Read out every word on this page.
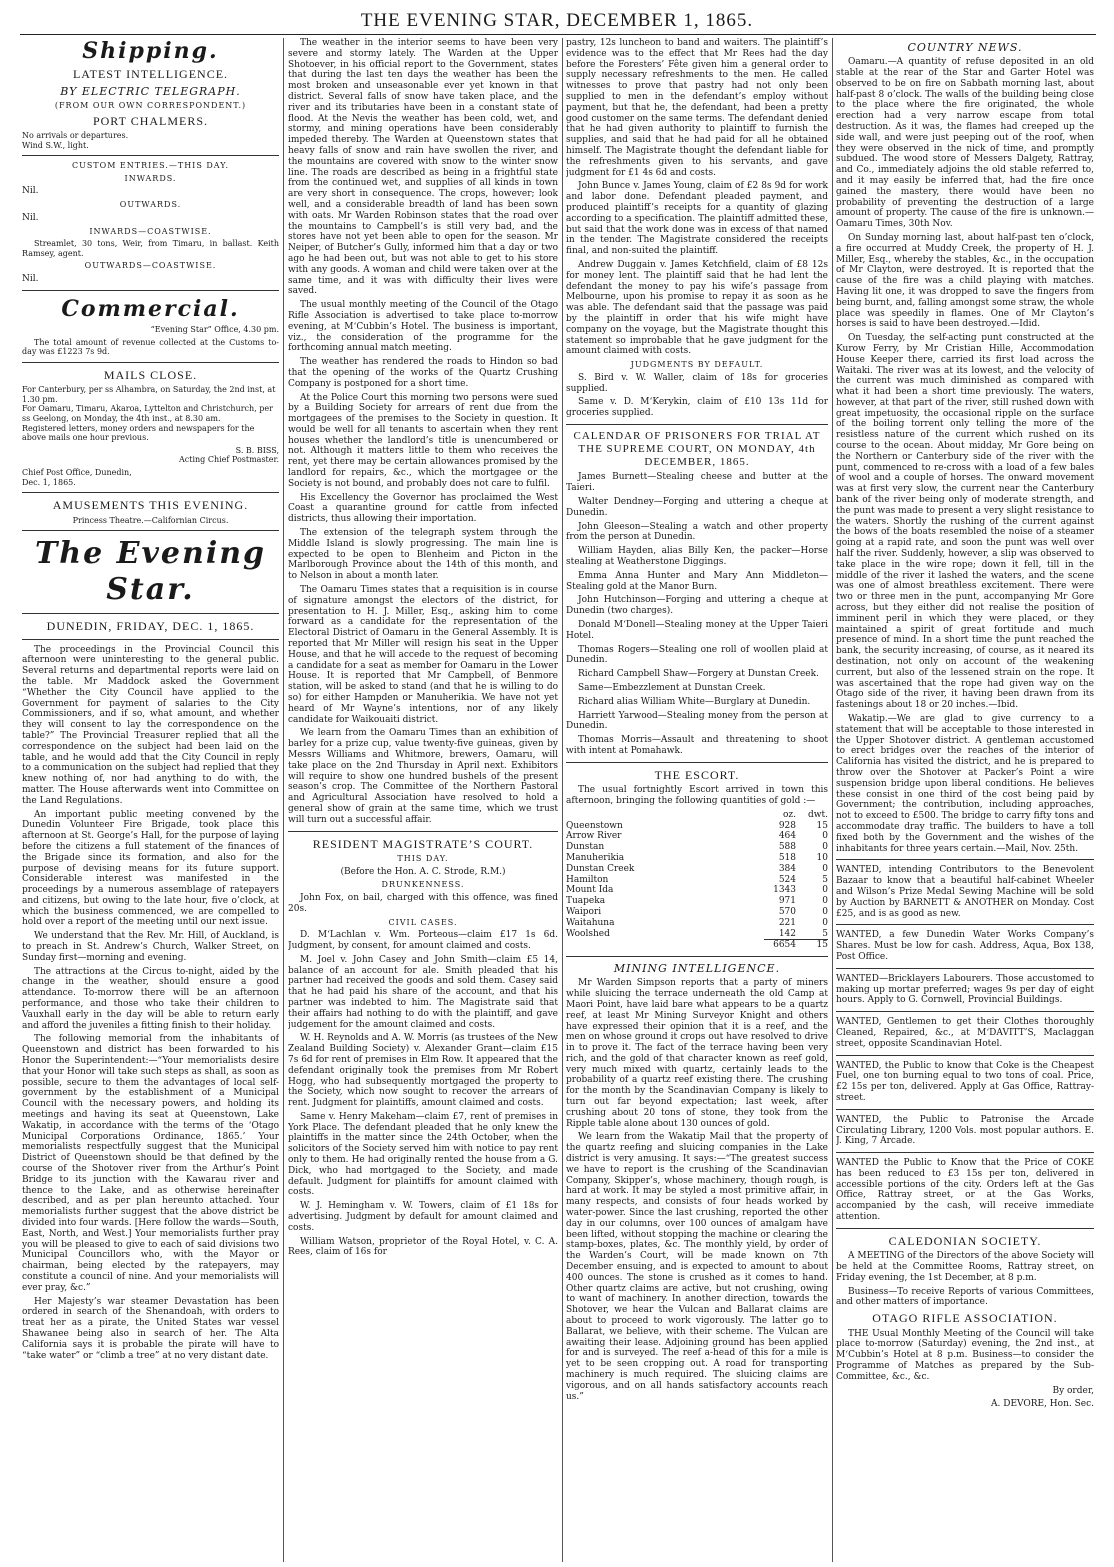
THE EVENING STAR, DECEMBER 1, 1865.

Shipping.

LATEST INTELLIGENCE.

BY ELECTRIC TELEGRAPH.

(FROM OUR OWN CORRESPONDENT.)

PORT CHALMERS.

No arrivals or departures.
Wind S.W., light.

CUSTOM ENTRIES.—THIS DAY.

INWARDS.

Nil.

OUTWARDS.

Nil.

INWARDS—COASTWISE.

Streamlet, 30 tons, Weir, from Timaru, in ballast. Keith Ramsey, agent.

OUTWARDS—COASTWISE.

Nil.

Commercial.

“Evening Star” Office, 4.30 pm.

The total amount of revenue collected at the Customs to-day was £1223 7s 9d.

MAILS CLOSE.

For Canterbury, per ss Alhambra, on Saturday, the 2nd inst, at 1.30 pm.
For Oamaru, Timaru, Akaroa, Lyttelton and Christchurch, per ss Geelong, on Monday, the 4th inst., at 8.30 am.
Registered letters, money orders and newspapers for the above mails one hour previous.

S. B. BISS,
Acting Chief Postmaster.

Chief Post Office, Dunedin,
Dec. 1, 1865.

AMUSEMENTS THIS EVENING.

Princess Theatre.—Californian Circus.

The Evening Star.

DUNEDIN, FRIDAY, DEC. 1, 1865.

The proceedings in the Provincial Council this afternoon were uninteresting to the general public. Several returns and departmental reports were laid on the table. Mr Maddock asked the Government “Whether the City Council have applied to the Government for payment of salaries to the City Commissioners, and if so, what amount, and whether they will consent to lay the correspondence on the table?” The Provincial Treasurer replied that all the correspondence on the subject had been laid on the table, and he would add that the City Council in reply to a communication on the subject had replied that they knew nothing of, nor had anything to do with, the matter. The House afterwards went into Committee on the Land Regulations.

An important public meeting convened by the Dunedin Volunteer Fire Brigade, took place this afternoon at St. George’s Hall, for the purpose of laying before the citizens a full statement of the finances of the Brigade since its formation, and also for the purpose of devising means for its future support. Considerable interest was manifested in the proceedings by a numerous assemblage of ratepayers and citizens, but owing to the late hour, five o’clock, at which the business commenced, we are compelled to hold over a report of the meeting until our next issue.

We understand that the Rev. Mr. Hill, of Auckland, is to preach in St. Andrew’s Church, Walker Street, on Sunday first—morning and evening.

The attractions at the Circus to-night, aided by the change in the weather, should ensure a good attendance. To-morrow there will be an afternoon performance, and those who take their children to Vauxhall early in the day will be able to return early and afford the juveniles a fitting finish to their holiday.

The following memorial from the inhabitants of Queenstown and district has been forwarded to his Honor the Superintendent:—“Your memorialists desire that your Honor will take such steps as shall, as soon as possible, secure to them the advantages of local self-government by the establishment of a Municipal Council with the necessary powers, and holding its meetings and having its seat at Queenstown, Lake Wakatip, in accordance with the terms of the ‘Otago Municipal Corporations Ordinance, 1865.’ Your memorialists respectfully suggest that the Municipal District of Queenstown should be that defined by the course of the Shotover river from the Arthur’s Point Bridge to its junction with the Kawarau river and thence to the Lake, and as otherwise hereinafter described, and as per plan hereunto attached. Your memorialists further suggest that the above district be divided into four wards. [Here follow the wards—South, East, North, and West.] Your memorialists further pray you will be pleased to give to each of said divisions two Municipal Councillors who, with the Mayor or chairman, being elected by the ratepayers, may constitute a council of nine. And your memorialists will ever pray, &c.”

Her Majesty’s war steamer Devastation has been ordered in search of the Shenandoah, with orders to treat her as a pirate, the United States war vessel Shawanee being also in search of her. The Alta California says it is probable the pirate will have to “take water” or “climb a tree” at no very distant date.

The weather in the interior seems to have been very severe and stormy lately. The Warden at the Upper Shotoever, in his official report to the Government, states that during the last ten days the weather has been the most broken and unseasonable ever yet known in that district. Several falls of snow have taken place, and the river and its tributaries have been in a constant state of flood. At the Nevis the weather has been cold, wet, and stormy, and mining operations have been considerably impeded thereby. The Warden at Queenstown states that heavy falls of snow and rain have swollen the river, and the mountains are covered with snow to the winter snow line. The roads are described as being in a frightful state from the continued wet, and supplies of all kinds in town are very short in consequence. The crops, however; look well, and a considerable breadth of land has been sown with oats. Mr Warden Robinson states that the road over the mountains to Campbell’s is still very bad, and the stores have not yet been able to open for the season. Mr Neiper, of Butcher’s Gully, informed him that a day or two ago he had been out, but was not able to get to his store with any goods. A woman and child were taken over at the same time, and it was with difficulty their lives were saved.

The usual monthly meeting of the Council of the Otago Rifle Association is advertised to take place to-morrow evening, at M‘Cubbin’s Hotel. The business is important, viz., the consideration of the programme for the forthcoming annual match meeting.

The weather has rendered the roads to Hindon so bad that the opening of the works of the Quartz Crushing Company is postponed for a short time.

At the Police Court this morning two persons were sued by a Building Society for arrears of rent due from the mortgagees of the premises to the Society in question. It would be well for all tenants to ascertain when they rent houses whether the landlord’s title is unencumbered or not. Although it matters little to them who receives the rent, yet there may be certain allowances promised by the landlord for repairs, &c., which the mortgagee or the Society is not bound, and probably does not care to fulfil.

His Excellency the Governor has proclaimed the West Coast a quarantine ground for cattle from infected districts, thus allowing their importation.

The extension of the telegraph system through the Middle Island is slowly progressing. The main line is expected to be open to Blenheim and Picton in the Marlborough Province about the 14th of this month, and to Nelson in about a month later.

The Oamaru Times states that a requisition is in course of signature amongst the electors of the district, for presentation to H. J. Miller, Esq., asking him to come forward as a candidate for the representation of the Electoral District of Oamaru in the General Assembly. It is reported that Mr Miller will resign his seat in the Upper House, and that he will accede to the request of becoming a candidate for a seat as member for Oamaru in the Lower House. It is reported that Mr Campbell, of Benmore station, will be asked to stand (and that he is willing to do so) for either Hampden or Manuherikia. We have not yet heard of Mr Wayne’s intentions, nor of any likely candidate for Waikouaiti district.

We learn from the Oamaru Times than an exhibition of barley for a prize cup, value twenty-five guineas, given by Messrs Williams and Whitmore, brewers, Oamaru, will take place on the 2nd Thursday in April next. Exhibitors will require to show one hundred bushels of the present season’s crop. The Committee of the Northern Pastoral and Agricultural Association have resolved to hold a general show of grain at the same time, which we trust will turn out a successful affair.

RESIDENT MAGISTRATE’S COURT.

THIS DAY.

(Before the Hon. A. C. Strode, R.M.)

DRUNKENNESS.

John Fox, on bail, charged with this offence, was fined 20s.

CIVIL CASES.

D. M‘Lachlan v. Wm. Porteous—claim £17 1s 6d. Judgment, by consent, for amount claimed and costs.

M. Joel v. John Casey and John Smith—claim £5 14, balance of an account for ale. Smith pleaded that his partner had received the goods and sold them. Casey said that he had paid his share of the account, and that his partner was indebted to him. The Magistrate said that their affairs had nothing to do with the plaintiff, and gave judgement for the amount claimed and costs.

W. H. Reynolds and A. W. Morris (as trustees of the New Zealand Building Society) v. Alexander Grant—claim £15 7s 6d for rent of premises in Elm Row. It appeared that the defendant originally took the premises from Mr Robert Hogg, who had subsequently mortgaged the property to the Society, which now sought to recover the arrears of rent. Judgment for plaintiffs, amount claimed and costs.

Same v. Henry Makeham—claim £7, rent of premises in York Place. The defendant pleaded that he only knew the plaintiffs in the matter since the 24th October, when the solicitors of the Society served him with notice to pay rent only to them. He had originally rented the house from a G. Dick, who had mortgaged to the Society, and made default. Judgment for plaintiffs for amount claimed with costs.

W. J. Hemingham v. W. Towers, claim of £1 18s for advertising. Judgment by default for amount claimed and costs.

William Watson, proprietor of the Royal Hotel, v. C. A. Rees, claim of 16s for

pastry, 12s luncheon to band and waiters. The plaintiff’s evidence was to the effect that Mr Rees had the day before the Foresters’ Fête given him a general order to supply necessary refreshments to the men. He called witnesses to prove that pastry had not only been supplied to men in the defendant’s employ without payment, but that he, the defendant, had been a pretty good customer on the same terms. The defendant denied that he had given authority to plaintiff to furnish the supplies, and said that he had paid for all he obtained himself. The Magistrate thought the defendant liable for the refreshments given to his servants, and gave judgment for £1 4s 6d and costs.

John Bunce v. James Young, claim of £2 8s 9d for work and labor done. Defendant pleaded payment, and produced plaintiff’s receipts for a quantity of glazing according to a specification. The plaintiff admitted these, but said that the work done was in excess of that named in the tender. The Magistrate considered the receipts final, and non-suited the plaintiff.

Andrew Duggain v. James Ketchfield, claim of £8 12s for money lent. The plaintiff said that he had lent the defendant the money to pay his wife’s passage from Melbourne, upon his promise to repay it as soon as he was able. The defendant said that the passage was paid by the plaintiff in order that his wife might have company on the voyage, but the Magistrate thought this statement so improbable that he gave judgment for the amount claimed with costs.

JUDGMENTS BY DEFAULT.

S. Bird v. W. Waller, claim of 18s for groceries supplied.

Same v. D. M‘Kerykin, claim of £10 13s 11d for groceries supplied.

CALENDAR OF PRISONERS FOR TRIAL AT THE SUPREME COURT, ON MONDAY, 4th DECEMBER, 1865.

James Burnett—Stealing cheese and butter at the Taieri.

Walter Dendney—Forging and uttering a cheque at Dunedin.

John Gleeson—Stealing a watch and other property from the person at Dunedin.

William Hayden, alias Billy Ken, the packer—Horse stealing at Weatherstone Diggings.

Emma Anna Hunter and Mary Ann Middleton—Stealing gold at the Manor Burn.

John Hutchinson—Forging and uttering a cheque at Dunedin (two charges).

Donald M‘Donell—Stealing money at the Upper Taieri Hotel.

Thomas Rogers—Stealing one roll of woollen plaid at Dunedin.

Richard Campbell Shaw—Forgery at Dunstan Creek.

Same—Embezzlement at Dunstan Creek.

Richard alias William White—Burglary at Dunedin.

Harriett Yarwood—Stealing money from the person at Dunedin.

Thomas Morris—Assault and threatening to shoot with intent at Pomahawk.

THE ESCORT.

The usual fortnightly Escort arrived in town this afternoon, bringing the following quantities of gold :—

	oz.	dwt.
Queenstown	928	15
Arrow River	464	0
Dunstan	588	0
Manuherikia	518	10
Dunstan Creek	384	0
Hamilton	524	5
Mount Ida	1343	0
Tuapeka	971	0
Waipori	570	0
Waitahuna	221	0
Woolshed	142	5
	6654	15

MINING INTELLIGENCE.

Mr Warden Simpson reports that a party of miners while sluicing the terrace underneath the old Camp at Maori Point, have laid bare what appears to be a quartz reef, at least Mr Mining Surveyor Knight and others have expressed their opinion that it is a reef, and the men on whose ground it crops out have resolved to drive in to prove it. The fact of the terrace having been very rich, and the gold of that character known as reef gold, very much mixed with quartz, certainly leads to the probability of a quartz reef existing there. The crushing for the month by the Scandinavian Company is likely to turn out far beyond expectation; last week, after crushing about 20 tons of stone, they took from the Ripple table alone about 130 ounces of gold.

We learn from the Wakatip Mail that the property of the quartz reefing and sluicing companies in the Lake district is very amusing. It says:—“The greatest success we have to report is the crushing of the Scandinavian Company, Skipper’s, whose machinery, though rough, is hard at work. It may be styled a most primitive affair, in many respects, and consists of four heads worked by water-power. Since the last crushing, reported the other day in our columns, over 100 ounces of amalgam have been lifted, without stopping the machine or clearing the stamp-boxes, plates, &c. The monthly yield, by order of the Warden’s Court, will be made known on 7th December ensuing, and is expected to amount to about 400 ounces. The stone is crushed as it comes to hand. Other quartz claims are active, but not crushing, owing to want of machinery. In another direction, towards the Shotover, we hear the Vulcan and Ballarat claims are about to proceed to work vigorously. The latter go to Ballarat, we believe, with their scheme. The Vulcan are awaiting their lease. Adjoining ground has been applied for and is surveyed. The reef a-head of this for a mile is yet to be seen cropping out. A road for transporting machinery is much required. The sluicing claims are vigorous, and on all hands satisfactory accounts reach us.”

COUNTRY NEWS.

Oamaru.—A quantity of refuse deposited in an old stable at the rear of the Star and Garter Hotel was observed to be on fire on Sabbath morning last, about half-past 8 o’clock. The walls of the building being close to the place where the fire originated, the whole erection had a very narrow escape from total destruction. As it was, the flames had creeped up the side wall, and were just peeping out of the roof, when they were observed in the nick of time, and promptly subdued. The wood store of Messers Dalgety, Rattray, and Co., immediately adjoins the old stable referred to, and it may easily be inferred that, had the fire once gained the mastery, there would have been no probability of preventing the destruction of a large amount of property. The cause of the fire is unknown.—Oamaru Times, 30th Nov.

On Sunday morning last, about half-past ten o’clock, a fire occurred at Muddy Creek, the property of H. J. Miller, Esq., whereby the stables, &c., in the occupation of Mr Clayton, were destroyed. It is reported that the cause of the fire was a child playing with matches. Having lit one, it was dropped to save the fingers from being burnt, and, falling amongst some straw, the whole place was speedily in flames. One of Mr Clayton’s horses is said to have been destroyed.—Idid.

On Tuesday, the self-acting punt constructed at the Kurow Ferry, by Mr Cristian Hille, Accommodation House Keeper there, carried its first load across the Waitaki. The river was at its lowest, and the velocity of the current was much diminished as compared with what it had been a short time previously. The waters, however, at that part of the river, still rushed down with great impetuosity, the occasional ripple on the surface of the boiling torrent only telling the more of the resistless nature of the current which rushed on its course to the ocean. About midday, Mr Gore being on the Northern or Canterbury side of the river with the punt, commenced to re-cross with a load of a few bales of wool and a couple of horses. The onward movement was at first very slow, the current near the Canterbury bank of the river being only of moderate strength, and the punt was made to present a very slight resistance to the waters. Shortly the rushing of the current against the bows of the boats resembled the noise of a steamer going at a rapid rate, and soon the punt was well over half the river. Suddenly, however, a slip was observed to take place in the wire rope; down it fell, till in the middle of the river it lashed the waters, and the scene was one of almost breathless excitement. There were two or three men in the punt, accompanying Mr Gore across, but they either did not realise the position of imminent peril in which they were placed, or they maintained a spirit of great fortitude and much presence of mind. In a short time the punt reached the bank, the security increasing, of course, as it neared its destination, not only on account of the weakening current, but also of the lessened strain on the rope. It was ascertained that the rope had given way on the Otago side of the river, it having been drawn from its fastenings about 18 or 20 inches.—Ibid.

Wakatip.—We are glad to give currency to a statement that will be acceptable to those interested in the Upper Shotover district. A gentleman accustomed to erect bridges over the reaches of the interior of California has visited the district, and he is prepared to throw over the Shotover at Packer’s Point a wire suspension bridge upon liberal conditions. He believes these consist in one third of the cost being paid by Government; the contribution, including approaches, not to exceed to £500. The bridge to carry fifty tons and accommodate dray traffic. The builders to have a toll fixed both by the Government and the wishes of the inhabitants for three years certain.—Mail, Nov. 25th.

WANTED, intending Contributors to the Benevolent Bazaar to know that a beautiful half-cabinet Wheeler and Wilson’s Prize Medal Sewing Machine will be sold by Auction by BARNETT & ANOTHER on Monday. Cost £25, and is as good as new.

WANTED, a few Dunedin Water Works Company’s Shares. Must be low for cash. Address, Aqua, Box 138, Post Office.

WANTED—Bricklayers Labourers. Those accustomed to making up mortar preferred; wages 9s per day of eight hours. Apply to G. Cornwell, Provincial Buildings.

WANTED, Gentlemen to get their Clothes thoroughly Cleaned, Repaired, &c., at M‘DAVITT’S, Maclaggan street, opposite Scandinavian Hotel.

WANTED, the Public to know that Coke is the Cheapest Fuel, one ton burning equal to two tons of coal. Price, £2 15s per ton, delivered. Apply at Gas Office, Rattray-street.

WANTED, the Public to Patronise the Arcade Circulating Library, 1200 Vols. most popular authors. E. J. King, 7 Arcade.

WANTED the Public to Know that the Price of COKE has been reduced to £3 15s per ton, delivered in accessible portions of the city. Orders left at the Gas Office, Rattray street, or at the Gas Works, accompanied by the cash, will receive immediate attention.

CALEDONIAN SOCIETY.

A MEETING of the Directors of the above Society will be held at the Committee Rooms, Rattray street, on Friday evening, the 1st December, at 8 p.m.

Business—To receive Reports of various Committees, and other matters of importance.

OTAGO RIFLE ASSOCIATION.

THE Usual Monthly Meeting of the Council will take place to-morrow (Saturday) evening, the 2nd inst., at M‘Cubbin’s Hotel at 8 p.m. Business—to consider the Programme of Matches as prepared by the Sub-Committee, &c., &c.

By order,

A. DEVORE, Hon. Sec.
